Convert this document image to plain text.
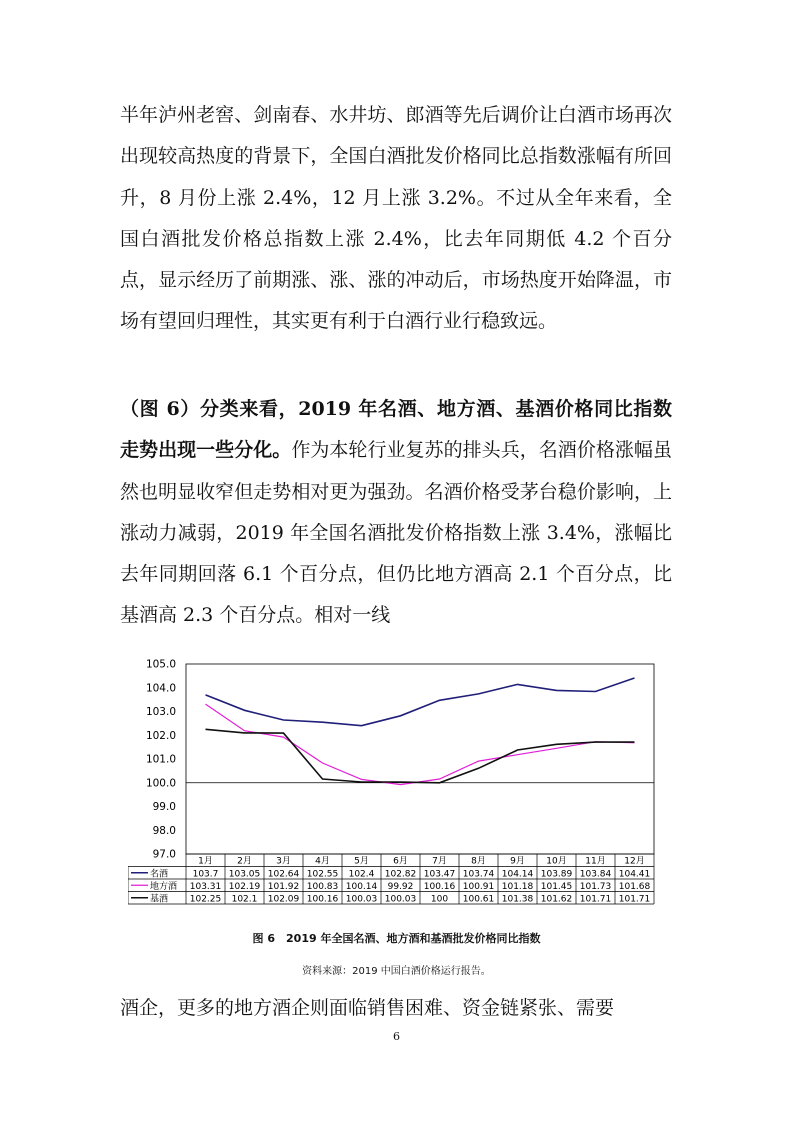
半年泸州老窖、剑南春、水井坊、郎酒等先后调价让白酒市场再次出现较高热度的背景下，全国白酒批发价格同比总指数涨幅有所回升，8 月份上涨 2.4%，12 月上涨 3.2%。不过从全年来看，全国白酒批发价格总指数上涨 2.4%，比去年同期低 4.2 个百分点，显示经历了前期涨、涨、涨的冲动后，市场热度开始降温，市场有望回归理性，其实更有利于白酒行业行稳致远。

（图 6）分类来看，2019 年名酒、地方酒、基酒价格同比指数走势出现一些分化。作为本轮行业复苏的排头兵，名酒价格涨幅虽然也明显收窄但走势相对更为强劲。名酒价格受茅台稳价影响，上涨动力减弱，2019 年全国名酒批发价格指数上涨 3.4%，涨幅比去年同期回落 6.1 个百分点，但仍比地方酒高 2.1 个百分点，比基酒高 2.3 个百分点。相对一线

105.0
104.0
103.0
102.0
101.0
100.0
99.0
98.0
97.0
1月	2月	3月	4月	5月	6月	7月	8月	9月 10月 11月 12月
名酒	103.7 103.05 102.64 102.55 102.4 102.82 103.47 103.74 104.14 103.89 103.84 104.41
地方酒 103.31 102.19 101.92 100.83 100.14 99.92 100.16 100.91 101.18 101.45 101.73 101.68
基酒 102.25 102.1 102.09 100.16 100.03 100.03 100 100.61 101.38 101.62 101.71 101.71
图 6　2019 年全国名酒、地方酒和基酒批发价格同比指数
资料来源：2019 中国白酒价格运行报告。

酒企，更多的地方酒企则面临销售困难、资金链紧张、需要

6
